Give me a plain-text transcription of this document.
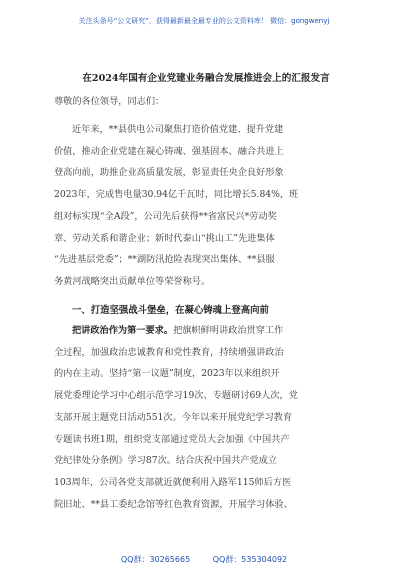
关注头条号“公文研究”，获得最新最全最专业的公文资料库！ 微信：gongwenyj
在2024年国有企业党建业务融合发展推进会上的汇报发言

尊敬的各位领导，同志们：

近年来，**县供电公司聚焦打造价值党建、提升党建
价值，推动企业党建在凝心铸魂、强基固本、融合共进上
登高向前，助推企业高质量发展，彰显责任央企良好形象
2023年，完成售电量30.94亿千瓦时，同比增长5.84%，班
组对标实现“全A段”，公司先后获得**省富民兴*劳动奖
章、劳动关系和谐企业；新时代泰山“挑山工”先进集体
“先进基层党委”；**湖防汛抢险表现突出集体、**县服
务黄河战略突出贡献单位等荣誉称号。

一、打造坚强战斗堡垒，在凝心铸魂上登高向前

把讲政治作为第一要求。把旗帜鲜明讲政治贯穿工作
全过程，加强政治忠诚教育和党性教育，持续增强讲政治
的内在主动。坚持“第一议题”制度，2023年以来组织开
展党委理论学习中心组示范学习19次、专题研讨69人次，党
支部开展主题党日活动551次。今年以来开展党纪学习教育
专题读书班1期，组织党支部通过党员大会加强《中国共产
党纪律处分条例》学习87次。结合庆祝中国共产党成立
103周年，公司各党支部就近就便利用入路军115师后方医
院旧址、**县工委纪念馆等红色教育资源，开展学习体验、

QQ群：30265665	QQ群：535304092
